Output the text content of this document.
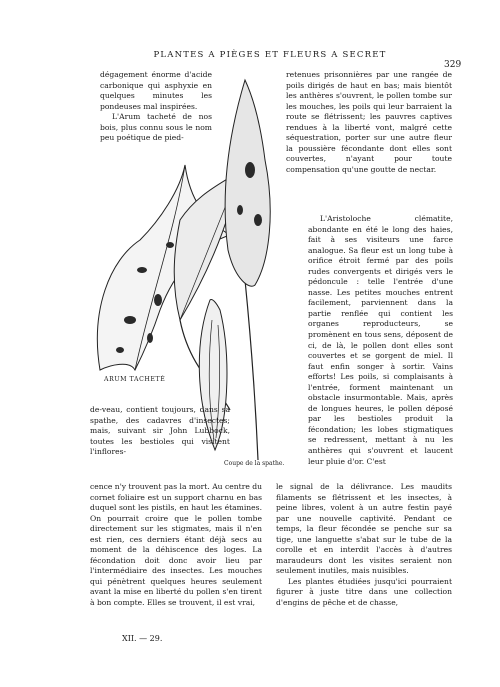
PLANTES A PIÈGES ET FLEURS A SECRET
329
ARUM TACHETÉ
Coupe de la spathe.

dégagement énorme d'acide carbonique qui asphyxie en quelques minutes les pondeuses mal inspirées.

L'Arum tacheté de nos bois, plus connu sous le nom peu poétique de pied-

de-veau, contient toujours, dans sa spathe, des cadavres d'insectes; mais, suivant sir John Lubbock, toutes les bestioles qui visitent l'inflores-

cence n'y trouvent pas la mort. Au centre du cornet foliaire est un support charnu en bas duquel sont les pistils, en haut les étamines. On pourrait croire que le pollen tombe directement sur les stigmates, mais il n'en est rien, ces derniers étant déjà secs au moment de la déhiscence des loges. La fécondation doit donc avoir lieu par l'intermédiaire des insectes. Les mouches qui pénètrent quelques heures seulement avant la mise en liberté du pollen s'en tirent à bon compte. Elles se trouvent, il est vrai,

retenues prisonnières par une rangée de poils dirigés de haut en bas; mais bientôt les anthères s'ouvrent, le pollen tombe sur les mouches, les poils qui leur barraient la route se flétrissent; les pauvres captives rendues à la liberté vont, malgré cette séquestration, porter sur une autre fleur la poussière fécondante dont elles sont couvertes, n'ayant pour toute compensation qu'une goutte de nectar.

L'Aristoloche clématite, abondante en été le long des haies, fait à ses visiteurs une farce analogue. Sa fleur est un long tube à orifice étroit fermé par des poils rudes convergents et dirigés vers le pédoncule : telle l'entrée d'une nasse. Les petites mouches entrent facilement, parviennent dans la partie renflée qui contient les organes reproducteurs, se promènent en tous sens, déposent de ci, de là, le pollen dont elles sont couvertes et se gorgent de miel. Il faut enfin songer à sortir. Vains efforts! Les poils, si complaisants à l'entrée, forment maintenant un obstacle insurmontable. Mais, après de longues heures, le pollen déposé par les bestioles produit la fécondation; les lobes stigmatiques se redressent, mettant à nu les anthères qui s'ouvrent et laucent leur pluie d'or. C'est

le signal de la délivrance. Les maudits filaments se flétrissent et les insectes, à peine libres, volent à un autre festin payé par une nouvelle captivité. Pendant ce temps, la fleur fécondée se penche sur sa tige, une languette s'abat sur le tube de la corolle et en interdit l'accès à d'autres maraudeurs dont les visites seraient non seulement inutiles, mais nuisibles.

Les plantes étudiées jusqu'ici pourraient figurer à juste titre dans une collection d'engins de pêche et de chasse,

XII. — 29.
